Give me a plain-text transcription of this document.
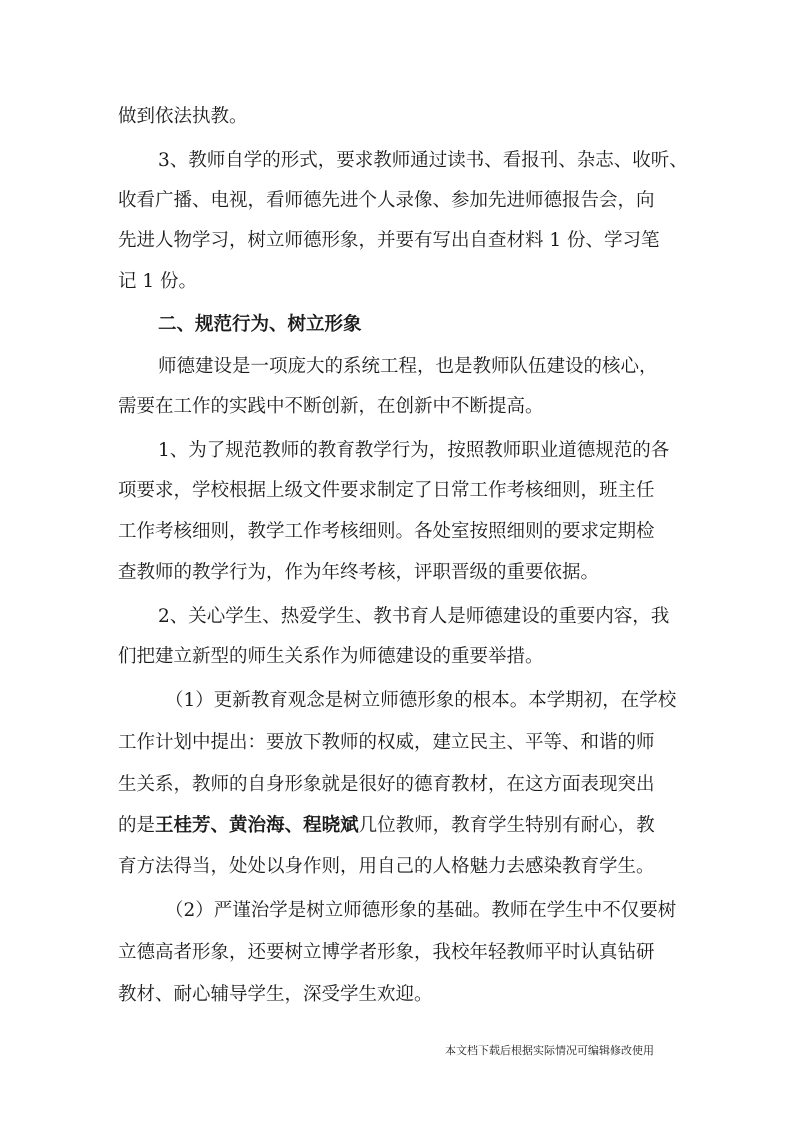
做到依法执教。
3、教师自学的形式，要求教师通过读书、看报刊、杂志、收听、
收看广播、电视，看师德先进个人录像、参加先进师德报告会，向
先进人物学习，树立师德形象，并要有写出自查材料 1 份、学习笔
记 1 份。
二、规范行为、树立形象
师德建设是一项庞大的系统工程，也是教师队伍建设的核心，
需要在工作的实践中不断创新，在创新中不断提高。
1、为了规范教师的教育教学行为，按照教师职业道德规范的各
项要求，学校根据上级文件要求制定了日常工作考核细则，班主任
工作考核细则，教学工作考核细则。各处室按照细则的要求定期检
查教师的教学行为，作为年终考核，评职晋级的重要依据。
2、关心学生、热爱学生、教书育人是师德建设的重要内容，我
们把建立新型的师生关系作为师德建设的重要举措。
（1）更新教育观念是树立师德形象的根本。本学期初，在学校
工作计划中提出：要放下教师的权威，建立民主、平等、和谐的师
生关系，教师的自身形象就是很好的德育教材，在这方面表现突出
的是王桂芳、黄治海、程晓斌几位教师，教育学生特别有耐心，教
育方法得当，处处以身作则，用自己的人格魅力去感染教育学生。
（2）严谨治学是树立师德形象的基础。教师在学生中不仅要树
立德高者形象，还要树立博学者形象，我校年轻教师平时认真钻研
教材、耐心辅导学生，深受学生欢迎。
本文档下载后根据实际情况可编辑修改使用
